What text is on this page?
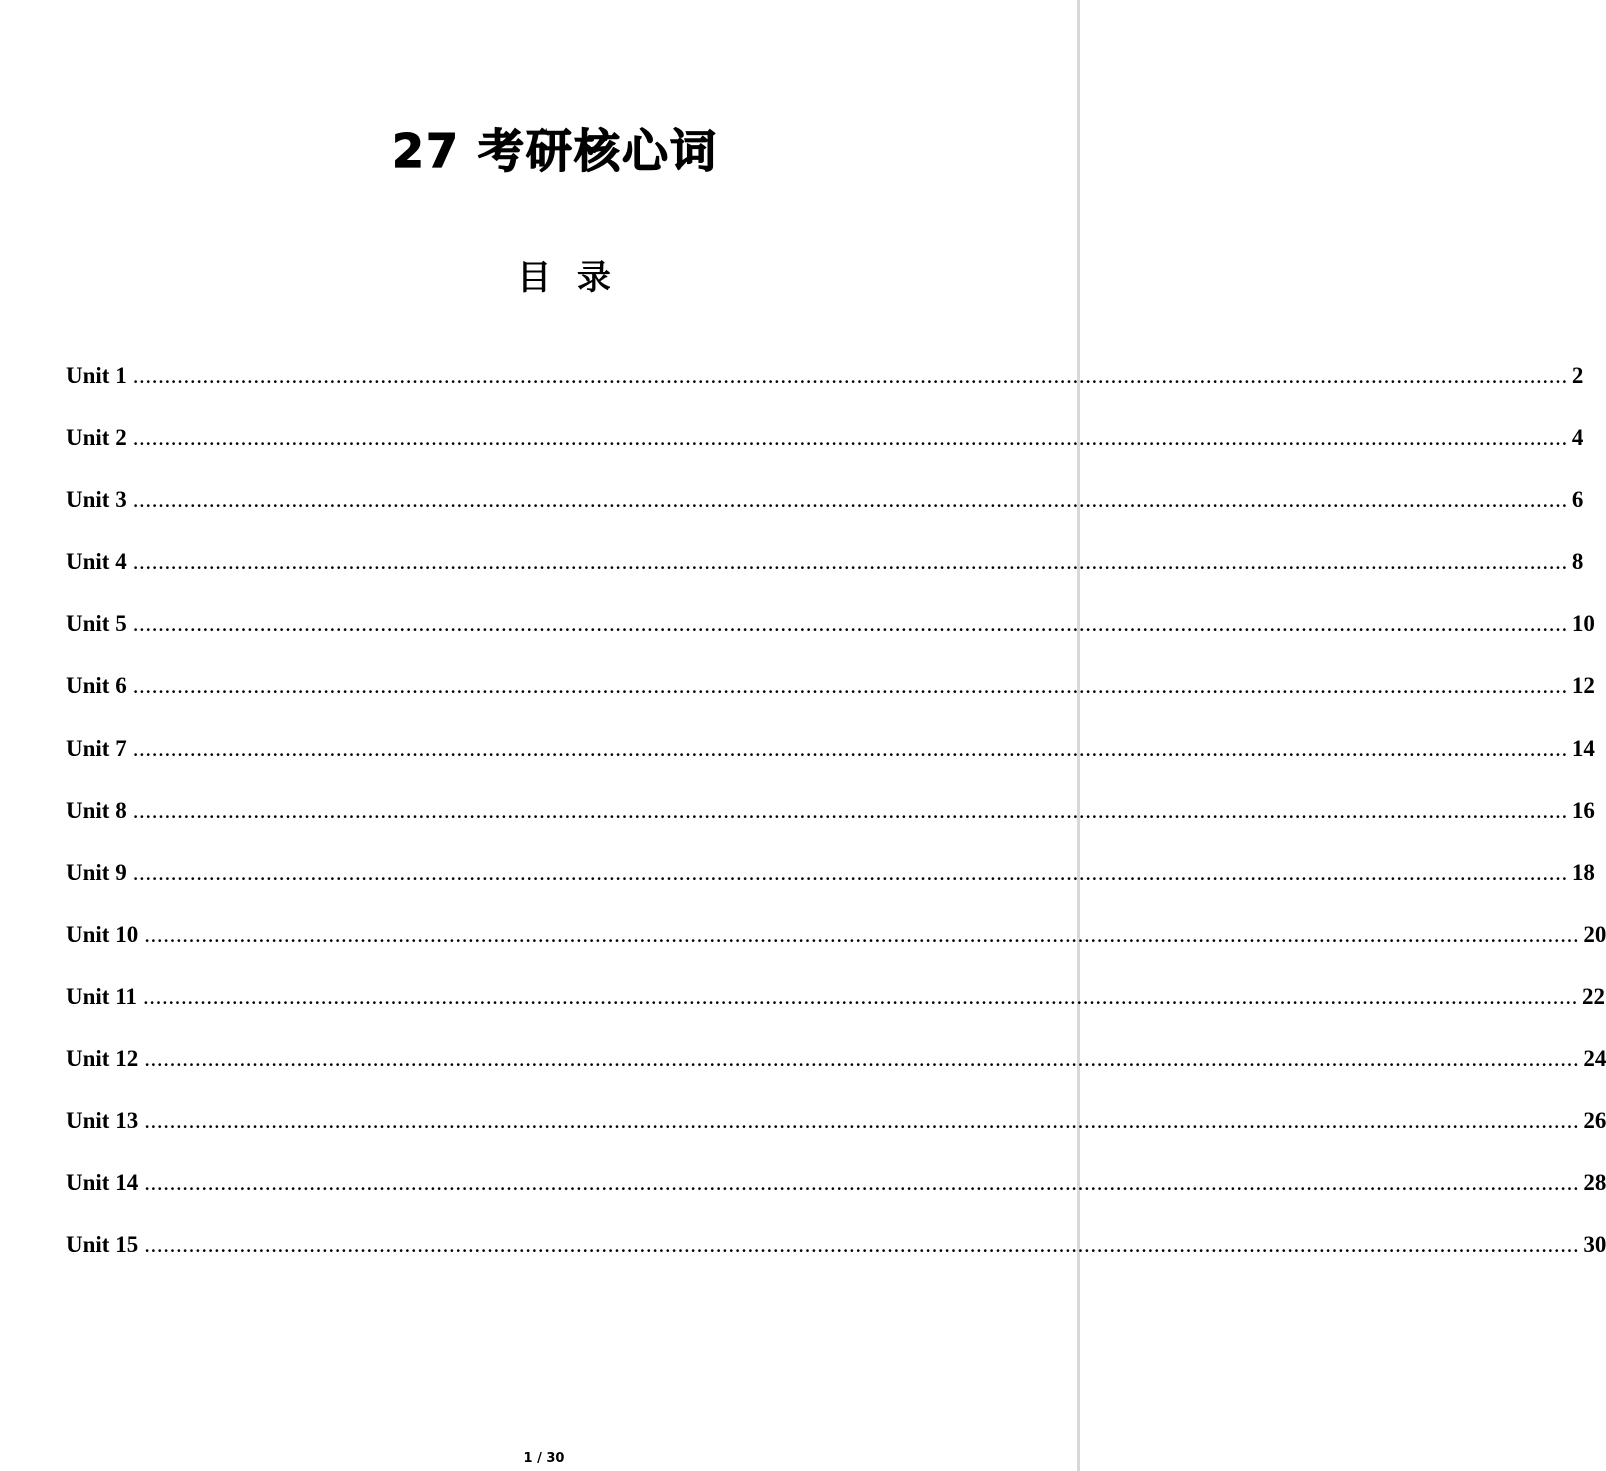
27 考研核心词
目 录
Unit 1 .................................................................................................................................................................................................................................. 2
Unit 2 .................................................................................................................................................................................................................................. 4
Unit 3 .................................................................................................................................................................................................................................. 6
Unit 4 .................................................................................................................................................................................................................................. 8
Unit 5 .................................................................................................................................................................................................................................. 10
Unit 6 .................................................................................................................................................................................................................................. 12
Unit 7 .................................................................................................................................................................................................................................. 14
Unit 8 .................................................................................................................................................................................................................................. 16
Unit 9 .................................................................................................................................................................................................................................. 18
Unit 10 .................................................................................................................................................................................................................................. 20
Unit 11 .................................................................................................................................................................................................................................. 22
Unit 12 .................................................................................................................................................................................................................................. 24
Unit 13 .................................................................................................................................................................................................................................. 26
Unit 14 .................................................................................................................................................................................................................................. 28
Unit 15 .................................................................................................................................................................................................................................. 30
1 / 30
